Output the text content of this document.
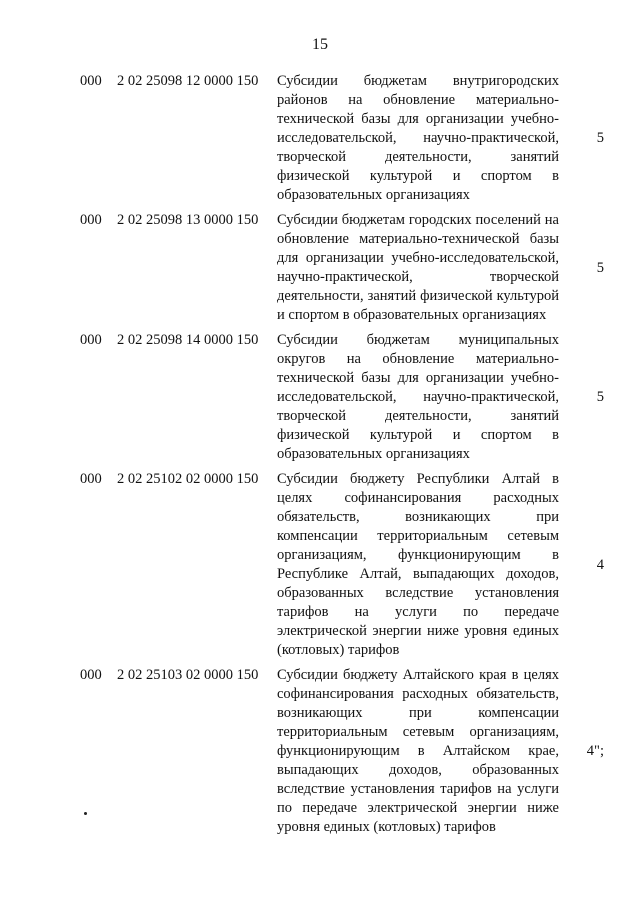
15
000 2 02 25098 12 0000 150 Субсидии бюджетам внутригородских районов на обновление материально-технической базы для организации учебно-исследовательской, научно-практической, творческой деятельности, занятий физической культурой и спортом в образовательных организациях
5
000 2 02 25098 13 0000 150 Субсидии бюджетам городских поселений на обновление материально-технической базы для организации учебно-исследовательской, научно-практической, творческой деятельности, занятий физической культурой и спортом в образовательных организациях
5
000 2 02 25098 14 0000 150 Субсидии бюджетам муниципальных округов на обновление материально-технической базы для организации учебно-исследовательской, научно-практической, творческой деятельности, занятий физической культурой и спортом в образовательных организациях
5
000 2 02 25102 02 0000 150 Субсидии бюджету Республики Алтай в целях софинансирования расходных обязательств, возникающих при компенсации территориальным сетевым организациям, функционирующим в Республике Алтай, выпадающих доходов, образованных вследствие установления тарифов на услуги по передаче электрической энергии ниже уровня единых (котловых) тарифов
4
000 2 02 25103 02 0000 150 Субсидии бюджету Алтайского края в целях софинансирования расходных обязательств, возникающих при компенсации территориальным сетевым организациям, функционирующим в Алтайском крае, выпадающих доходов, образованных вследствие установления тарифов на услуги по передаче электрической энергии ниже уровня единых (котловых) тарифов
4";
